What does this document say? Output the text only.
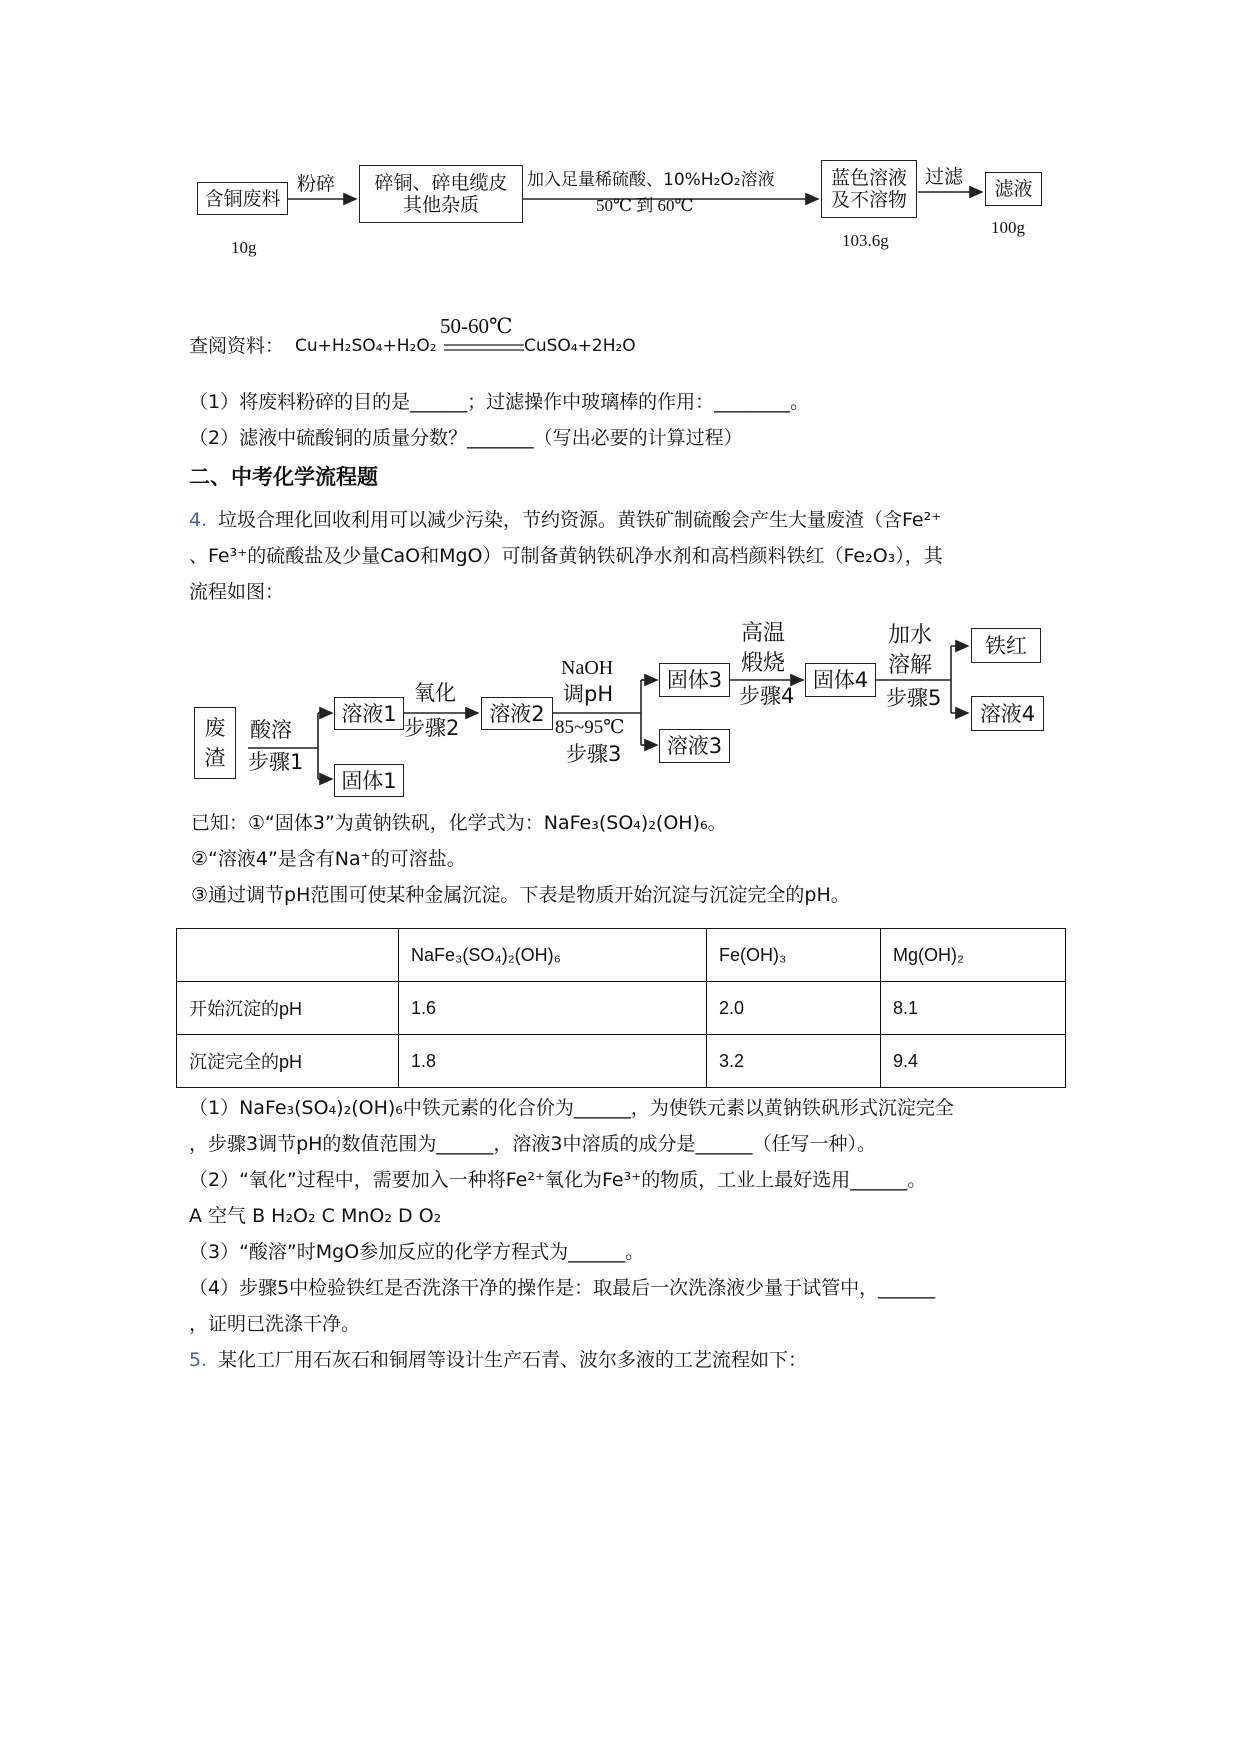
含铜废料
10g
粉碎 碎铜、碎电缆皮
其他杂质
加入足量稀硫酸、10%H₂O₂溶液
50℃ 到 60℃
蓝色溶液
及不溶物
103.6g
过滤
滤液
100g
查阅资料： Cu+H₂SO₄+H₂O₂
50-60℃
CuSO₄+2H₂O
（1）将废料粉碎的目的是______；过滤操作中玻璃棒的作用：________。
（2）滤液中硫酸铜的质量分数？_______（写出必要的计算过程）
二、中考化学流程题
4. 垃圾合理化回收利用可以减少污染，节约资源。黄铁矿制硫酸会产生大量废渣（含Fe²⁺
、Fe³⁺的硫酸盐及少量CaO和MgO）可制备黄钠铁矾净水剂和高档颜料铁红（Fe₂O₃），其
流程如图：
废
渣
酸溶
步骤1
溶液1
固体1
氧化
步骤2
溶液2
NaOH
调pH
85~95℃
步骤3
固体3
溶液3
高温
煅烧
步骤4
固体4
加水
溶解
步骤5
铁红
溶液4
已知：①“固体3”为黄钠铁矾，化学式为：NaFe₃(SO₄)₂(OH)₆。
②“溶液4”是含有Na⁺的可溶盐。
③通过调节pH范围可使某种金属沉淀。下表是物质开始沉淀与沉淀完全的pH。
	NaFe₃(SO₄)₂(OH)₆	Fe(OH)₃	Mg(OH)₂
开始沉淀的pH	1.6	2.0	8.1
沉淀完全的pH	1.8	3.2	9.4
（1）NaFe₃(SO₄)₂(OH)₆中铁元素的化合价为______，为使铁元素以黄钠铁矾形式沉淀完全
，步骤3调节pH的数值范围为______，溶液3中溶质的成分是______（任写一种）。
（2）“氧化”过程中，需要加入一种将Fe²⁺氧化为Fe³⁺的物质，工业上最好选用______。
A 空气 B H₂O₂ C MnO₂ D O₂
（3）“酸溶”时MgO参加反应的化学方程式为______。
（4）步骤5中检验铁红是否洗涤干净的操作是：取最后一次洗涤液少量于试管中，______
，证明已洗涤干净。
5. 某化工厂用石灰石和铜屑等设计生产石青、波尔多液的工艺流程如下：
